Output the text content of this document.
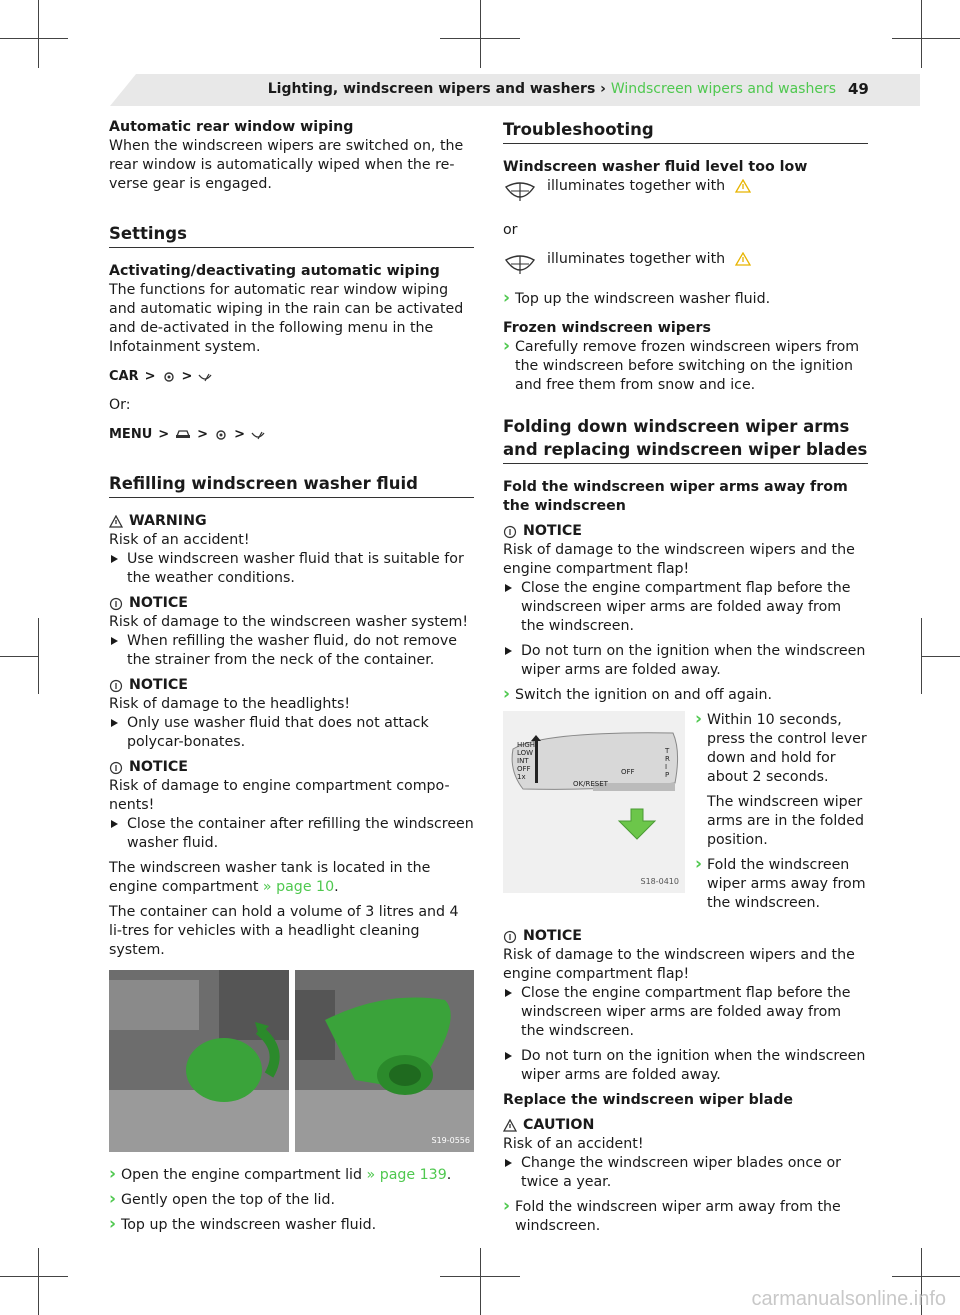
Lighting, windscreen wipers and washers › Windscreen wipers and washers 49

Automatic rear window wiping

When the windscreen wipers are switched on, the rear window is automatically wiped when the re-verse gear is engaged.

Settings

Activating/deactivating automatic wiping

The functions for automatic rear window wiping and automatic wiping in the rain can be activated and de-activated in the following menu in the Infotainment system.

CAR > >

Or:

MENU > > >
Refilling windscreen washer fluid
WARNING

Risk of an accident!

Use windscreen washer fluid that is suitable for the weather conditions.

NOTICE

Risk of damage to the windscreen washer system!

When refilling the washer fluid, do not remove the strainer from the neck of the container.

NOTICE

Risk of damage to the headlights!

Only use washer fluid that does not attack polycar-bonates.

NOTICE

Risk of damage to engine compartment compo-nents!

Close the container after refilling the windscreen washer fluid.

The windscreen washer tank is located in the engine compartment » page 10.

The container can hold a volume of 3 litres and 4 li-tres for vehicles with a headlight cleaning system.

S19-0556

› Open the engine compartment lid » page 139.

› Gently open the top of the lid.

› Top up the windscreen washer fluid.

Troubleshooting

Windscreen washer fluid level too low

illuminates together with

or

illuminates together with

› Top up the windscreen washer fluid.

Frozen windscreen wipers

› Carefully remove frozen windscreen wipers from the windscreen before switching on the ignition and free them from snow and ice.

Folding down windscreen wiper arms and replacing windscreen wiper blades

Fold the windscreen wiper arms away from the windscreen

NOTICE

Risk of damage to the windscreen wipers and the engine compartment flap!

Close the engine compartment flap before the windscreen wiper arms are folded away from the windscreen.

Do not turn on the ignition when the windscreen wiper arms are folded away.

› Switch the ignition on and off again.

HIGH
LOW
INT
OFF
1x
OK/RESET
OFF
T
R
I
P
S18-0410

› Within 10 seconds, press the control lever down and hold for about 2 seconds.

The windscreen wiper arms are in the folded position.

› Fold the windscreen wiper arms away from the windscreen.

NOTICE

Risk of damage to the windscreen wipers and the engine compartment flap!

Close the engine compartment flap before the windscreen wiper arms are folded away from the windscreen.

Do not turn on the ignition when the windscreen wiper arms are folded away.

Replace the windscreen wiper blade

CAUTION

Risk of an accident!

Change the windscreen wiper blades once or twice a year.

› Fold the windscreen wiper arm away from the windscreen.

carmanualsonline.info
